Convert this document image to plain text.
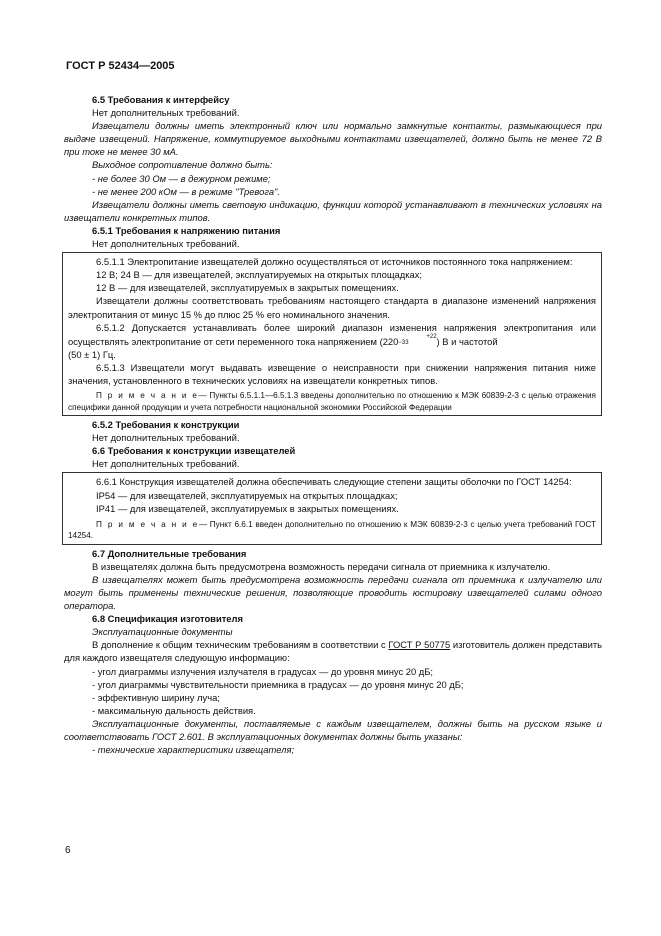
ГОСТ Р 52434—2005

6.5 Требования к интерфейсу

Нет дополнительных требований.

Извещатели должны иметь электронный ключ или нормально замкнутые контакты, размыкающиеся при выдаче извещений. Напряжение, коммутируемое выходными контактами извещателей, должно быть не менее 72 В при токе не менее 30 мА.

Выходное сопротивление должно быть:

- не более 30 Ом — в дежурном режиме;

- не менее 200 кОм — в режиме "Тревога".

Извещатели должны иметь световую индикацию, функции которой устанавливают в технических условиях на извещатели конкретных типов.

6.5.1 Требования к напряжению питания

Нет дополнительных требований.

6.5.1.1 Электропитание извещателей должно осуществляться от источников постоянного тока напряжением:

12 В; 24 В — для извещателей, эксплуатируемых на открытых площадках;

12 В — для извещателей, эксплуатируемых в закрытых помещениях.

Извещатели должны соответствовать требованиям настоящего стандарта в диапазоне изменений напряжения электропитания от минус 15 % до плюс 25 % его номинального значения.

6.5.1.2 Допускается устанавливать более широкий диапазон изменения напряжения электропитания или осуществлять электропитание от сети переменного тока напряжением (220	$^{+22 -33}$	) В и частотой

(50 ± 1) Гц.

6.5.1.3 Извещатели могут выдавать извещение о неисправности при снижении напряжения питания ниже значения, установленного в технических условиях на извещатели конкретных типов.

П р и м е ч а н и е— Пункты 6.5.1.1—6.5.1.3 введены дополнительно по отношению к МЭК 60839-2-3 с целью отражения специфики данной продукции и учета потребности национальной экономики Российской Федерации

6.5.2 Требования к конструкции

Нет дополнительных требований.

6.6 Требования к конструкции извещателей

Нет дополнительных требований.

6.6.1 Конструкция извещателей должна обеспечивать следующие степени защиты оболочки по ГОСТ 14254:

IP54 — для извещателей, эксплуатируемых на открытых площадках;

IP41 — для извещателей, эксплуатируемых в закрытых помещениях.

П р и м е ч а н и е— Пункт 6.6.1 введен дополнительно по отношению к МЭК 60839-2-3 с целью учета требований ГОСТ 14254.

6.7 Дополнительные требования

В извещателях должна быть предусмотрена возможность передачи сигнала от приемника к излучателю.

В извещателях может быть предусмотрена возможность передачи сигнала от приемника к излучателю или могут быть применены технические решения, позволяющие проводить юстировку извещателей силами одного оператора.

6.8 Спецификация изготовителя

Эксплуатационные документы

В дополнение к общим техническим требованиям в соответствии с ГОСТ Р 50775 изготовитель должен представить для каждого извещателя следующую информацию:

- угол диаграммы излучения излучателя в градусах — до уровня минус 20 дБ;

- угол диаграммы чувствительности приемника в градусах — до уровня минус 20 дБ;

- эффективную ширину луча;

- максимальную дальность действия.

Эксплуатационные документы, поставляемые с каждым извещателем, должны быть на русском языке и соответствовать ГОСТ 2.601. В эксплуатационных документах должны быть указаны:

- технические характеристики извещателя;

6
